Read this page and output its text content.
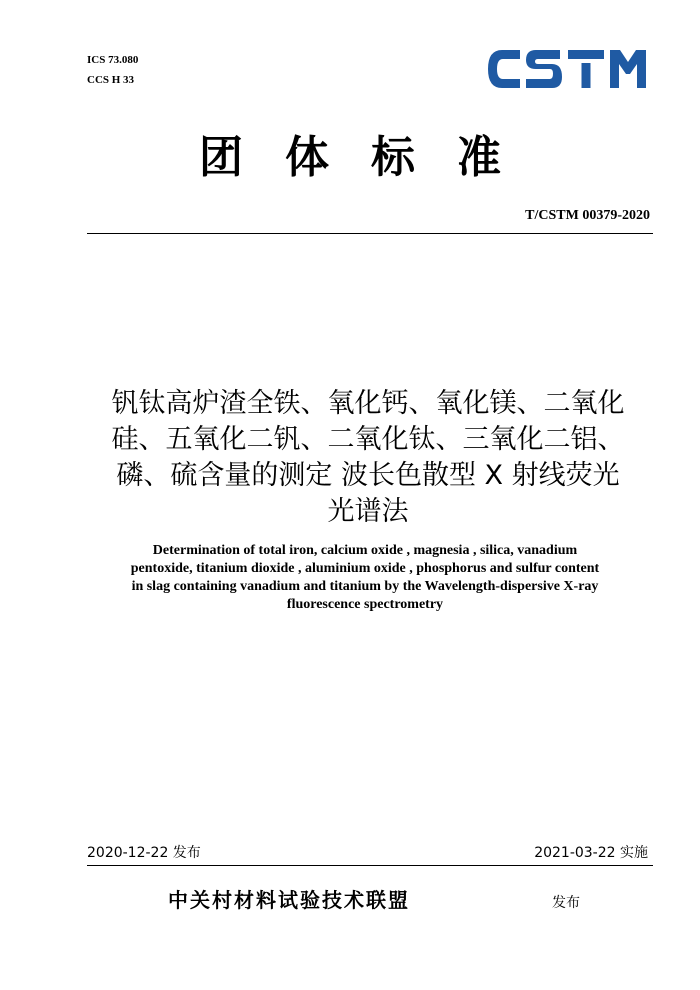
ICS 73.080
CCS H 33
团体标准
T/CSTM 00379-2020
钒钛高炉渣全铁、氧化钙、氧化镁、二氧化
硅、五氧化二钒、二氧化钛、三氧化二铝、
磷、硫含量的测定 波长色散型 X 射线荧光
光谱法
Determination of total iron, calcium oxide , magnesia , silica, vanadium
pentoxide, titanium dioxide , aluminium oxide , phosphorus and sulfur content
in slag containing vanadium and titanium by the Wavelength-dispersive X-ray
fluorescence spectrometry
2020-12-22 发布	2021-03-22 实施
中关村材料试验技术联盟	发布
